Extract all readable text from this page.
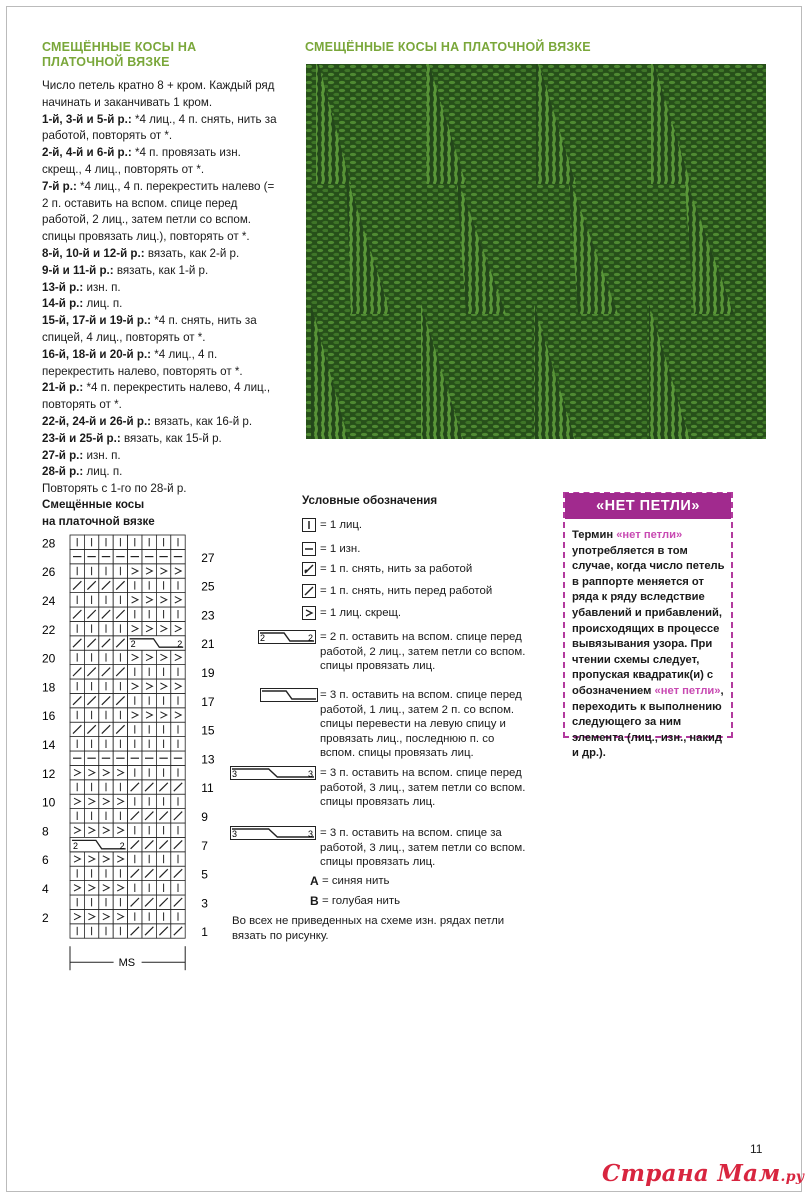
СМЕЩЁННЫЕ КОСЫ НА ПЛАТОЧНОЙ ВЯЗКЕ
СМЕЩЁННЫЕ КОСЫ НА ПЛАТОЧНОЙ ВЯЗКЕ

Число петель кратно 8 + кром. Каждый ряд начинать и заканчивать 1 кром.

1-й, 3-й и 5-й р.: *4 лиц., 4 п. снять, нить за работой, повторять от *.

2-й, 4-й и 6-й р.: *4 п. провязать изн. скрещ., 4 лиц., повторять от *.

7-й р.: *4 лиц., 4 п. перекрестить налево (= 2 п. оставить на вспом. спице перед работой, 2 лиц., затем петли со вспом. спицы провязать лиц.), повторять от *.

8-й, 10-й и 12-й р.: вязать, как 2-й р.

9-й и 11-й р.: вязать, как 1-й р.

13-й р.: изн. п.

14-й р.: лиц. п.

15-й, 17-й и 19-й р.: *4 п. снять, нить за спицей, 4 лиц., повторять от *.

16-й, 18-й и 20-й р.: *4 лиц., 4 п. перекрестить налево, повторять от *.

21-й р.: *4 п. перекрестить налево, 4 лиц., повторять от *.

22-й, 24-й и 26-й р.: вязать, как 16-й р.

23-й и 25-й р.: вязать, как 15-й р.

27-й р.: изн. п.

28-й р.: лиц. п.

Повторять с 1-го по 28-й р.

Смещённые косы
на платочной вязке
2	2
2	2
28
26
24
22
20
18
16
14
12
10
8
6
4
2
27
25
23
21
19
17
15
13
11
9
7
5
3
1
MS
Условные обозначения
= 1 лиц.
= 1 изн.
= 1 п. снять, нить за работой
= 1 п. снять, нить перед работой
= 1 лиц. скрещ.
2	2 = 2 п. оставить на вспом. спице перед работой, 2 лиц., затем петли со вспом. спицы провязать лиц.
= 3 п. оставить на вспом. спице перед работой, 1 лиц., затем 2 п. со вспом. спицы перевести на левую спицу и провязать лиц., последнюю п. со вспом. спицы провязать лиц.
3	3 = 3 п. оставить на вспом. спице перед работой, 3 лиц., затем петли со вспом. спицы провязать лиц.
3	3 = 3 п. оставить на вспом. спице за работой, 3 лиц., затем петли со вспом. спицы провязать лиц.
A = синяя нить
B = голубая нить
Во всех не приведенных на схеме изн. рядах петли вязать по рисунку.
«НЕТ ПЕТЛИ»
Термин «нет петли» употребляется в том случае, когда число петель в раппорте меняется от ряда к ряду вследствие убавлений и прибавлений, происходящих в процессе вывязывания узора. При чтении схемы следует, пропуская квадратик(и) с обозначением «нет петли», переходить к выполнению следующего за ним элемента (лиц., изн., накид и др.).
11
Страна Мам.ру
